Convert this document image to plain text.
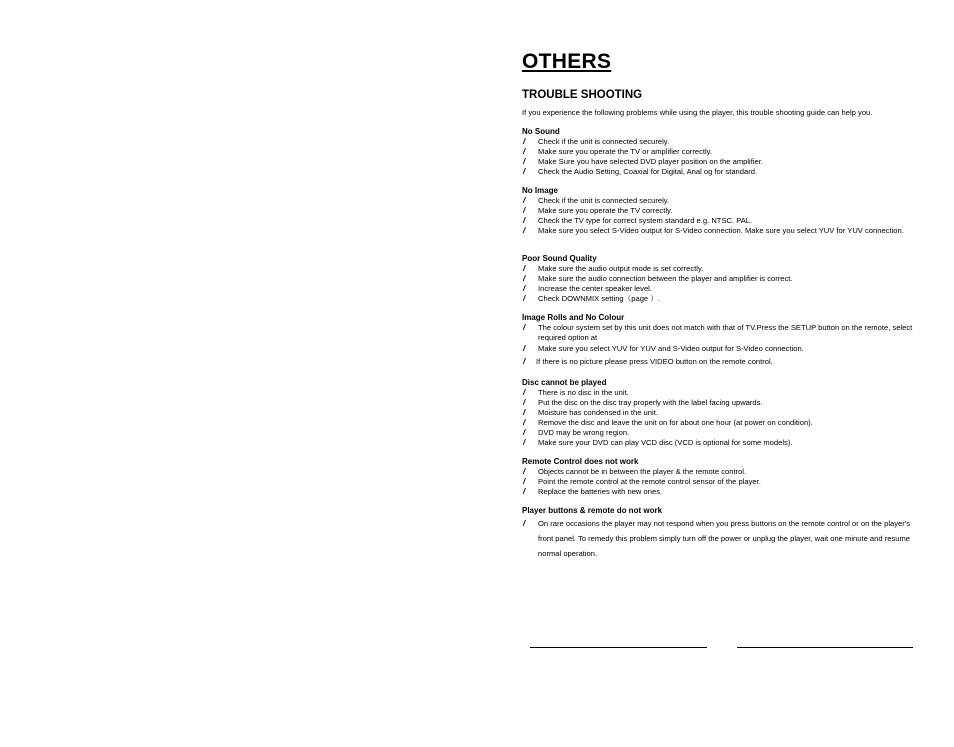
OTHERS
TROUBLE SHOOTING

If you experience the following problems while using the player, this trouble shooting guide can help you.

No Sound

/ Check if the unit is connected securely.
/ Make sure you operate the TV or amplifier correctly.
/ Make Sure you have selected DVD player position on the amplifier.
/ Check the Audio Setting, Coaxial for Digital, Anal og for standard.

No Image

/ Check if the unit is connected securely.
/ Make sure you operate the TV correctly.
/ Check the TV type for correct system standard e.g. NTSC. PAL.
/ Make sure you select S-Video output for S-Video connection. Make sure you select YUV for YUV connection.

Poor Sound Quality

/ Make sure the audio output mode is set correctly.
/ Make sure the audio connection between the player and amplifier is correct.
/ Increase the center speaker level.
/ Check DOWNMIX setting（page ）.

Image Rolls and No Colour

/ The colour system set by this unit does not match with that of TV.Press the SETUP button on the remote, select required option at
/ Make sure you select YUV for YUV and S-Video output for S-Video connection.
/ If there is no picture please press VIDEO button on the remote control.

Disc cannot be played

/ There is no disc in the unit.
/ Put the disc on the disc tray properly with the label facing upwards.
/ Moisture has condensed in the unit.
/ Remove the disc and leave the unit on for about one hour (at power on condition).
/ DVD may be wrong region.
/ Make sure your DVD can play VCD disc (VCD is optional for some models).

Remote Control does not work

/ Objects cannot be in between the player & the remote control.
/ Point the remote control at the remote control sensor of the player.
/ Replace the batteries with new ones.

Player buttons & remote do not work

/ On rare occasions the player may not respond when you press buttons on the remote control or on the player's front panel. To remedy this problem simply turn off the power or unplug the player, wait one minute and resume normal operation.
